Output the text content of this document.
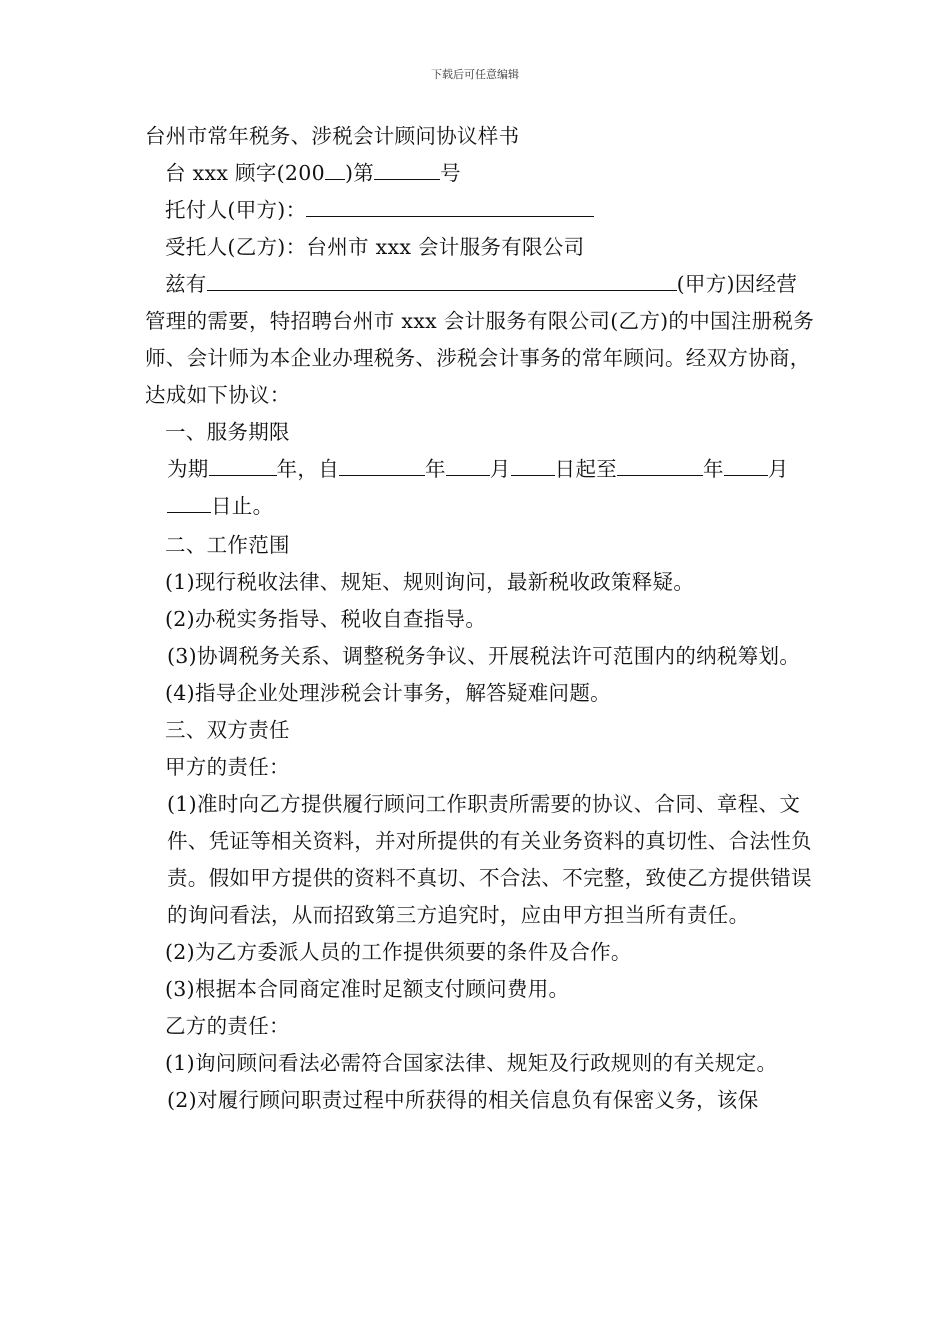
下载后可任意编辑

台州市常年税务、涉税会计顾问协议样书

台 xxx 顾字(200 )第	号

托付人(甲方)：

受托人(乙方)：台州市 xxx 会计服务有限公司

兹有	(甲方)因经营

管理的需要，特招聘台州市 xxx 会计服务有限公司(乙方)的中国注册税务师、会计师为本企业办理税务、涉税会计事务的常年顾问。经双方协商，达成如下协议：

一、服务期限

为期	年，自	年 月 日起至	年 月日止。

二、工作范围

(1)现行税收法律、规矩、规则询问，最新税收政策释疑。

(2)办税实务指导、税收自查指导。

(3)协调税务关系、调整税务争议、开展税法许可范围内的纳税筹划。

(4)指导企业处理涉税会计事务，解答疑难问题。

三、双方责任

甲方的责任：

(1)准时向乙方提供履行顾问工作职责所需要的协议、合同、章程、文件、凭证等相关资料，并对所提供的有关业务资料的真切性、合法性负责。假如甲方提供的资料不真切、不合法、不完整，致使乙方提供错误的询问看法，从而招致第三方追究时，应由甲方担当所有责任。

(2)为乙方委派人员的工作提供须要的条件及合作。

(3)根据本合同商定准时足额支付顾问费用。

乙方的责任：

(1)询问顾问看法必需符合国家法律、规矩及行政规则的有关规定。

(2)对履行顾问职责过程中所获得的相关信息负有保密义务，该保
